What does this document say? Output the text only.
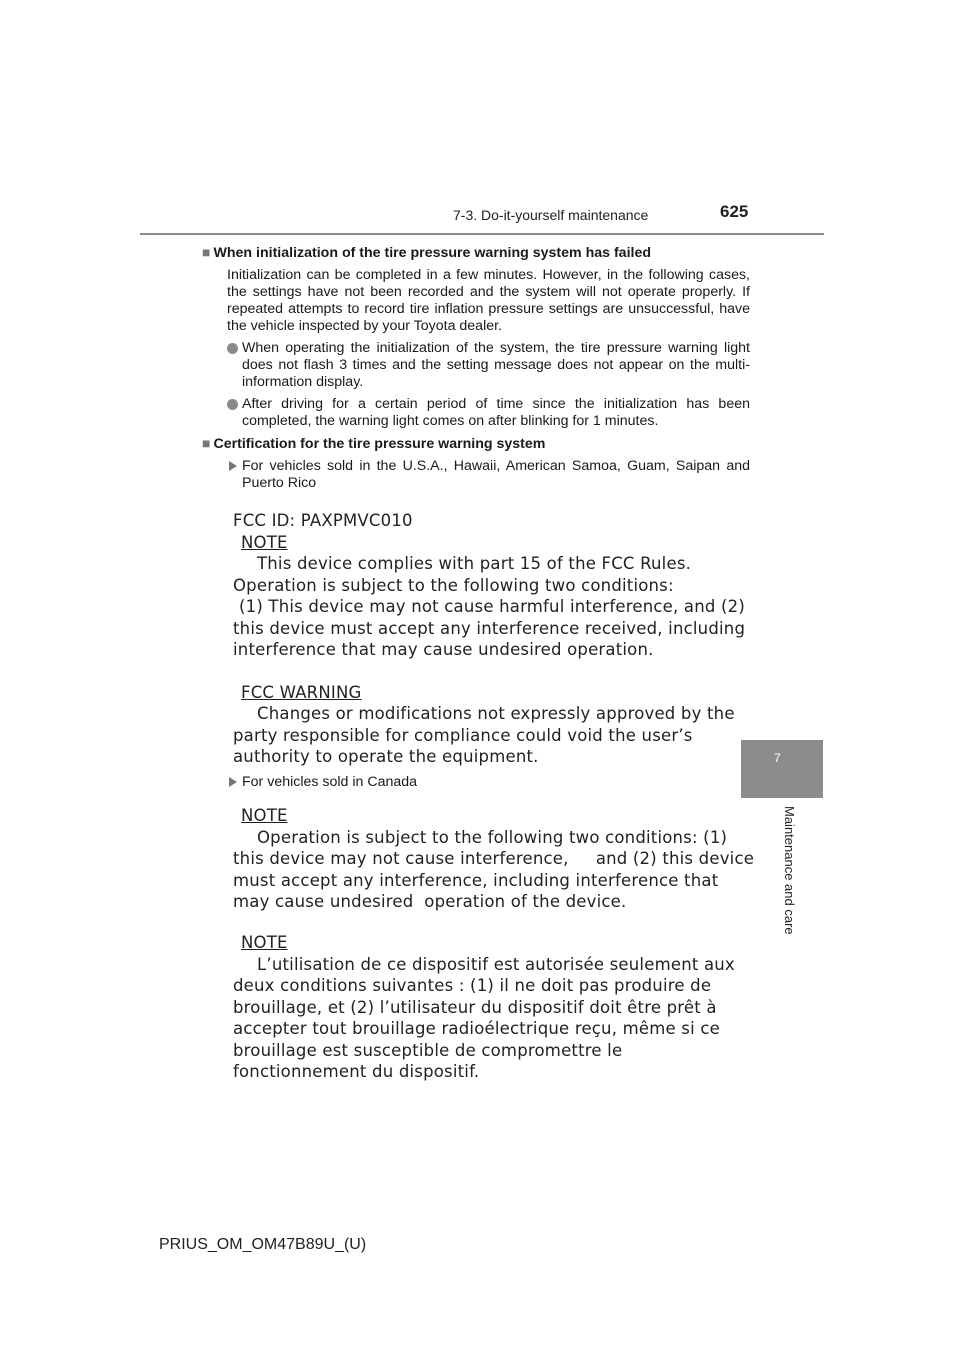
7-3. Do-it-yourself maintenance	625
7
Maintenance and care
■ When initialization of the tire pressure warning system has failed
Initialization can be completed in a few minutes. However, in the following cases, the settings have not been recorded and the system will not operate properly. If repeated attempts to record tire inflation pressure settings are unsuccessful, have the vehicle inspected by your Toyota dealer.
When operating the initialization of the system, the tire pressure warning light does not flash 3 times and the setting message does not appear on the multi-information display.
After driving for a certain period of time since the initialization has been completed, the warning light comes on after blinking for 1 minutes.
■ Certification for the tire pressure warning system
For vehicles sold in the U.S.A., Hawaii, American Samoa, Guam, Saipan and Puerto Rico
FCC ID: PAXPMVC010
NOTE
This device complies with part 15 of the FCC Rules.
Operation is subject to the following two conditions:
(1) This device may not cause harmful interference, and (2)
this device must accept any interference received, including
interference that may cause undesired operation.
FCC WARNING
Changes or modifications not expressly approved by the
party responsible for compliance could void the user’s
authority to operate the equipment.
For vehicles sold in Canada
NOTE
Operation is subject to the following two conditions: (1)
this device may not cause interference,     and (2) this device
must accept any interference, including interference that
may cause undesired  operation of the device.
NOTE
L’utilisation de ce dispositif est autorisée seulement aux
deux conditions suivantes : (1) il ne doit pas produire de
brouillage, et (2) l’utilisateur du dispositif doit être prêt à
accepter tout brouillage radioélectrique reçu, même si ce
brouillage est susceptible de compromettre le
fonctionnement du dispositif.
PRIUS_OM_OM47B89U_(U)
